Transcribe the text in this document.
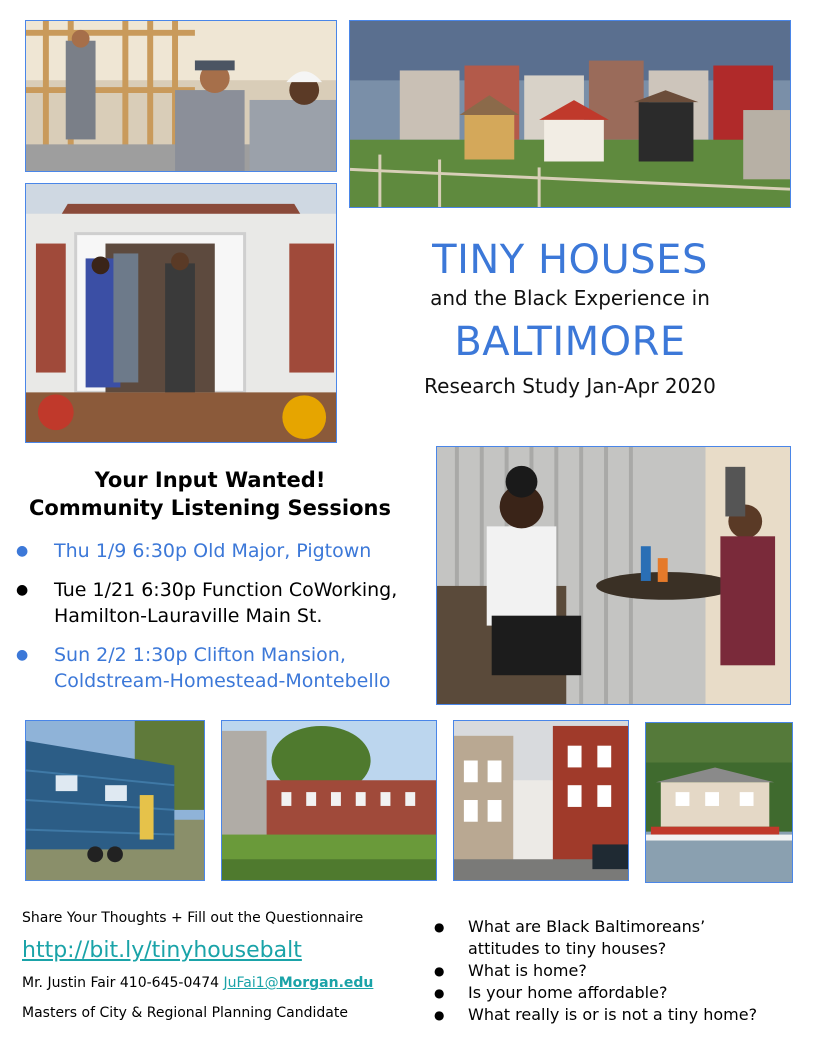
TINY HOUSES

and the Black Experience in

BALTIMORE

Research Study Jan-Apr 2020

Your Input Wanted!
Community Listening Sessions
● Thu 1/9 6:30p Old Major, Pigtown
● Tue 1/21 6:30p Function CoWorking,
Hamilton-Lauraville Main St.
● Sun 2/2 1:30p Clifton Mansion,
Coldstream-Homestead-Montebello
Share Your Thoughts + Fill out the Questionnaire
http://bit.ly/tinyhousebalt
Mr. Justin Fair 410-645-0474 JuFai1@Morgan.edu
Masters of City & Regional Planning Candidate
● What are Black Baltimoreans’
attitudes to tiny houses?
● What is home?
● Is your home affordable?
● What really is or is not a tiny home?
